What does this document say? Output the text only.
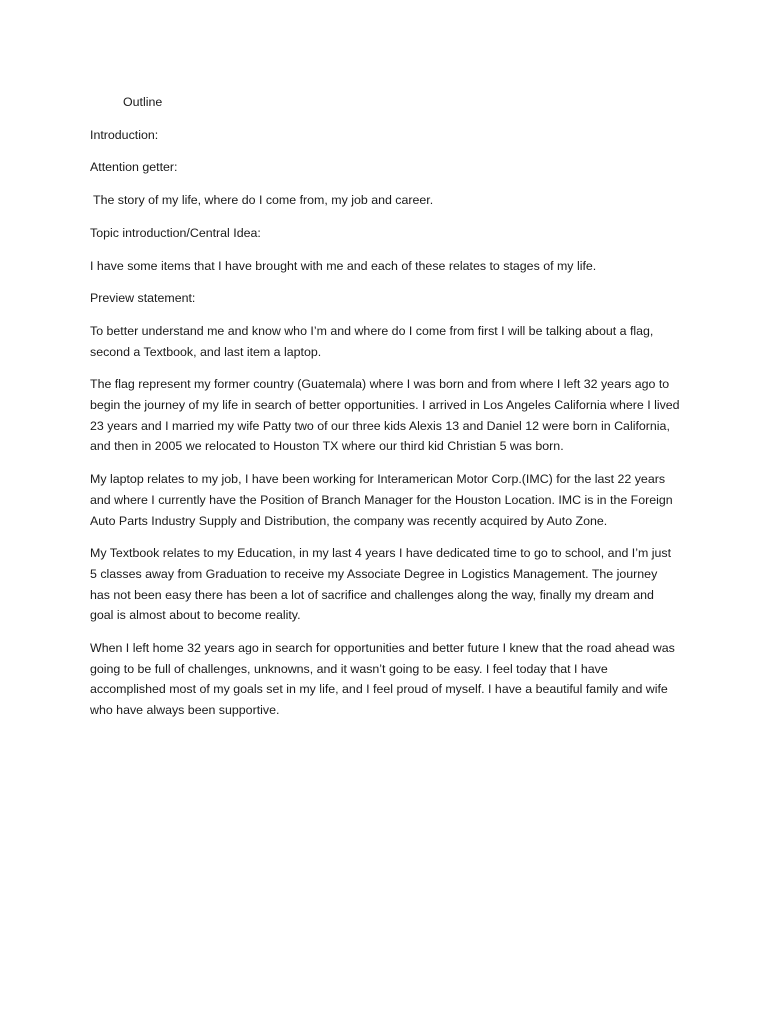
Outline

Introduction:

Attention getter:

The story of my life, where do I come from, my job and career.

Topic introduction/Central Idea:

I have some items that I have brought with me and each of these relates to stages of my life.

Preview statement:

To better understand me and know who I’m and where do I come from first I will be talking about a flag, second a Textbook, and last item a laptop.

The flag represent my former country (Guatemala) where I was born and from where I left 32 years ago to begin the journey of my life in search of better opportunities. I arrived in Los Angeles California where I lived 23 years and I married my wife Patty two of our three kids Alexis 13 and Daniel 12 were born in California, and then in 2005 we relocated to Houston TX where our third kid Christian 5 was born.

My laptop relates to my job, I have been working for Interamerican Motor Corp.(IMC) for the last 22 years and where I currently have the Position of Branch Manager for the Houston Location. IMC is in the Foreign Auto Parts Industry Supply and Distribution, the company was recently acquired by Auto Zone.

My Textbook relates to my Education, in my last 4 years I have dedicated time to go to school, and I’m just 5 classes away from Graduation to receive my Associate Degree in Logistics Management. The journey has not been easy there has been a lot of sacrifice and challenges along the way, finally my dream and goal is almost about to become reality.

When I left home 32 years ago in search for opportunities and better future I knew that the road ahead was going to be full of challenges, unknowns, and it wasn’t going to be easy. I feel today that I have accomplished most of my goals set in my life, and I feel proud of myself. I have a beautiful family and wife who have always been supportive.
